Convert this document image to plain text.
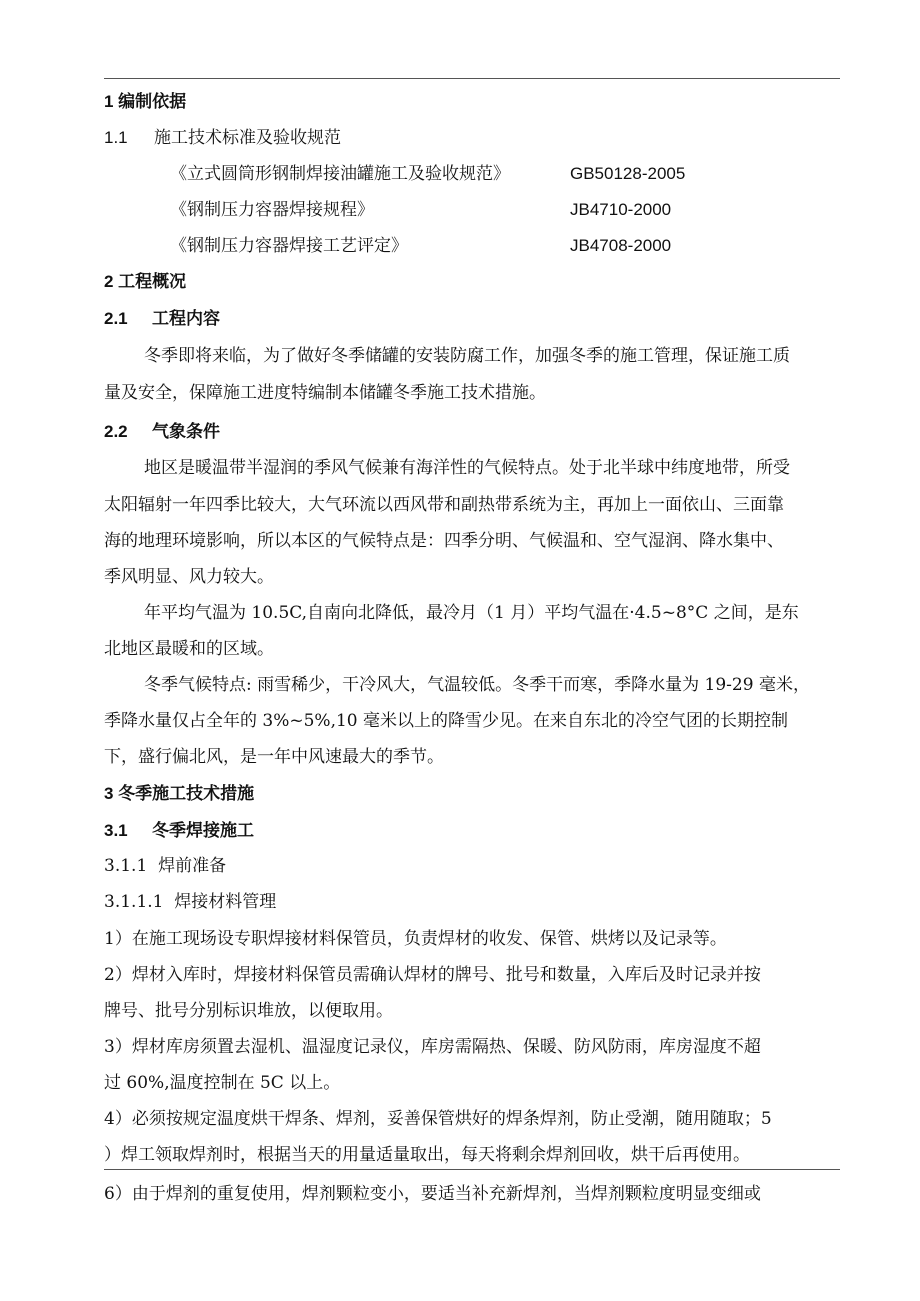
1 编制依据
1.1 施工技术标准及验收规范
《立式圆筒形钢制焊接油罐施工及验收规范》	GB50128-2005
《钢制压力容器焊接规程》	JB4710-2000
《钢制压力容器焊接工艺评定》	JB4708-2000
2 工程概况
2.1 工程内容
冬季即将来临，为了做好冬季储罐的安装防腐工作，加强冬季的施工管理，保证施工质
量及安全，保障施工进度特编制本储罐冬季施工技术措施。
2.2 气象条件
地区是暖温带半湿润的季风气候兼有海洋性的气候特点。处于北半球中纬度地带，所受
太阳辐射一年四季比较大，大气环流以西风带和副热带系统为主，再加上一面依山、三面靠
海的地理环境影响，所以本区的气候特点是：四季分明、气候温和、空气湿润、降水集中、
季风明显、风力较大。
年平均气温为 10.5C,自南向北降低，最冷月（1 月）平均气温在·4.5~8°C 之间，是东
北地区最暖和的区域。
冬季气候特点: 雨雪稀少，干冷风大，气温较低。冬季干而寒，季降水量为 19-29 毫米，
季降水量仅占全年的 3%~5%,10 毫米以上的降雪少见。在来自东北的冷空气团的长期控制
下，盛行偏北风，是一年中风速最大的季节。
3 冬季施工技术措施
3.1 冬季焊接施工
3.1.1  焊前准备
3.1.1.1  焊接材料管理
1）在施工现场设专职焊接材料保管员，负责焊材的收发、保管、烘烤以及记录等。
2）焊材入库时，焊接材料保管员需确认焊材的牌号、批号和数量，入库后及时记录并按
牌号、批号分别标识堆放，以便取用。
3）焊材库房须置去湿机、温湿度记录仪，库房需隔热、保暖、防风防雨，库房湿度不超
过 60%,温度控制在 5C 以上。
4）必须按规定温度烘干焊条、焊剂，妥善保管烘好的焊条焊剂，防止受潮，随用随取；5
）焊工领取焊剂时，根据当天的用量适量取出，每天将剩余焊剂回收，烘干后再使用。
6）由于焊剂的重复使用，焊剂颗粒变小，要适当补充新焊剂，当焊剂颗粒度明显变细或
